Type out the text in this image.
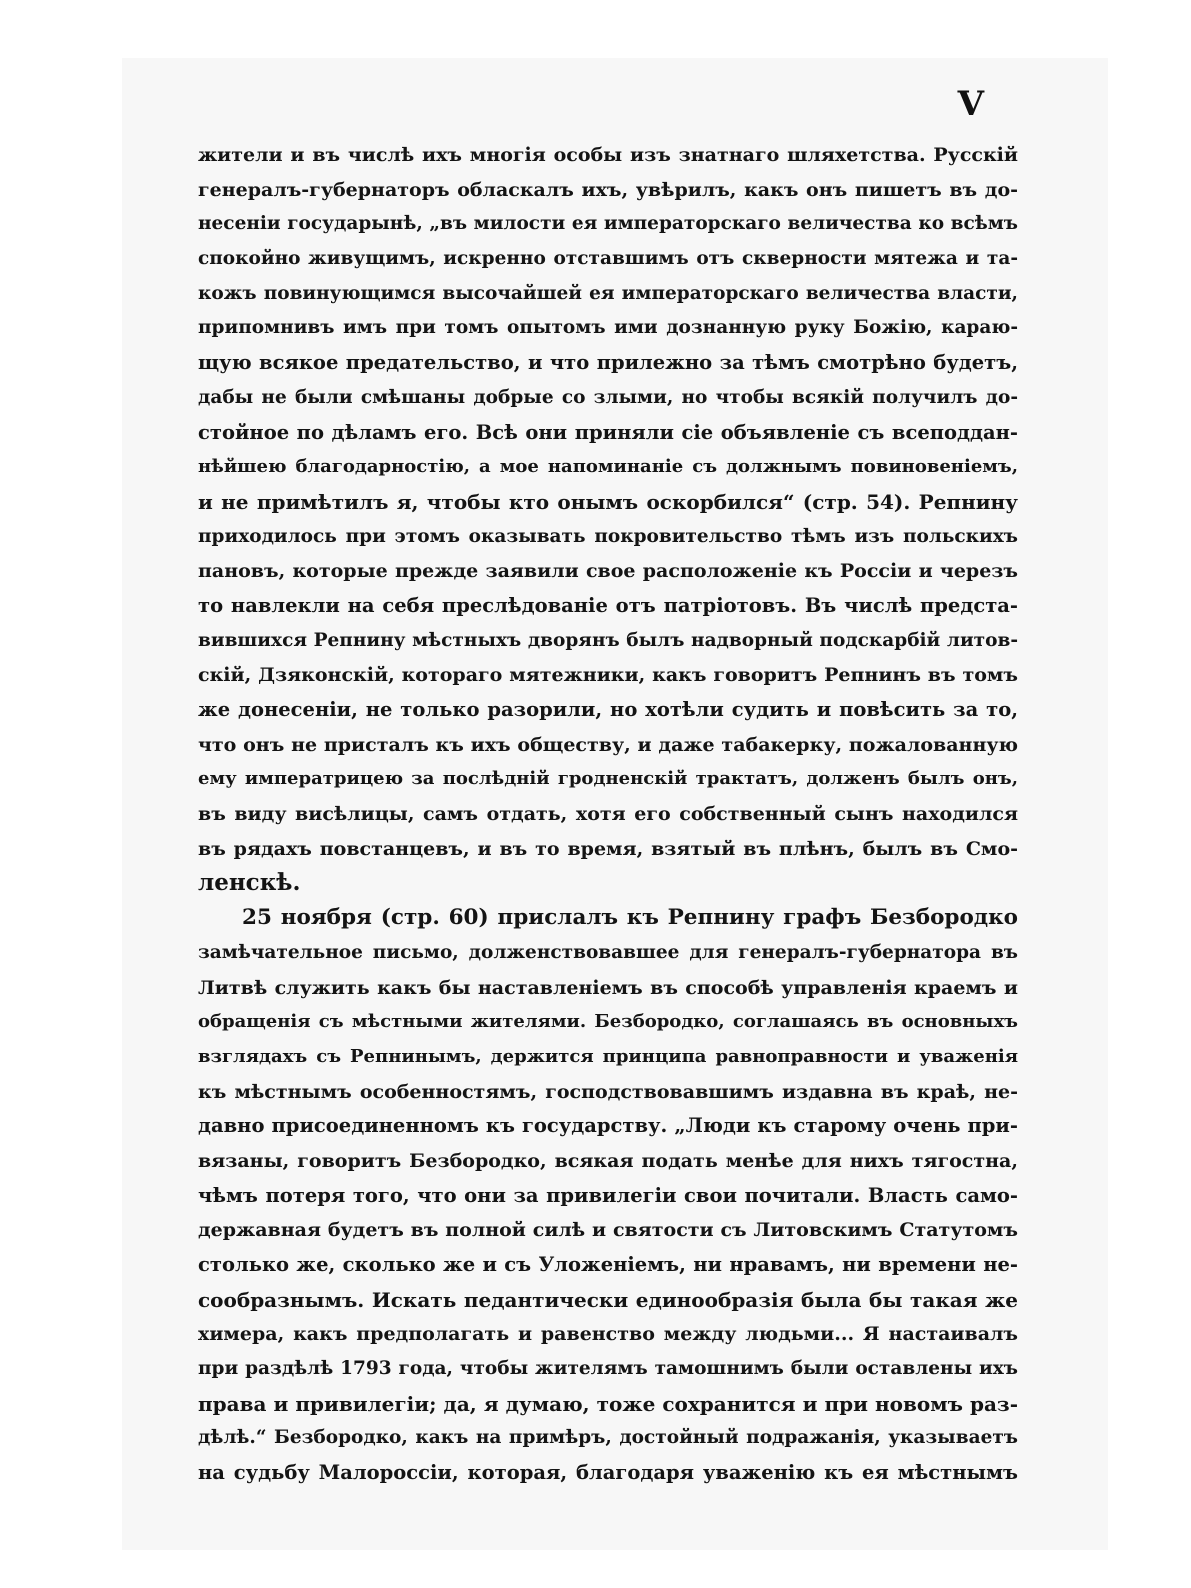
V

жители и въ числѣ ихъ многія особы изъ знатнаго шляхетства. Русскій
генералъ-губернаторъ обласкалъ ихъ, увѣрилъ, какъ онъ пишетъ въ до-
несеніи государынѣ, „въ милости ея императорскаго величества ко всѣмъ
спокойно живущимъ, искренно отставшимъ отъ скверности мятежа и та-
кожъ повинующимся высочайшей ея императорскаго величества власти,
припомнивъ имъ при томъ опытомъ ими дознанную руку Божію, караю-
щую всякое предательство, и что прилежно за тѣмъ смотрѣно будетъ,
дабы не были смѣшаны добрые со злыми, но чтобы всякій получилъ до-
стойное по дѣламъ его. Всѣ они приняли сіе объявленіе съ всеподдан-
нѣйшею благодарностію, а мое напоминаніе съ должнымъ повиновеніемъ,
и не примѣтилъ я, чтобы кто онымъ оскорбился“ (стр. 54). Репнину
приходилось при этомъ оказывать покровительство тѣмъ изъ польскихъ
пановъ, которые прежде заявили свое расположеніе къ Россіи и черезъ
то навлекли на себя преслѣдованіе отъ патріотовъ. Въ числѣ предста-
вившихся Репнину мѣстныхъ дворянъ былъ надворный подскарбій литов-
скій, Дзяконскій, котораго мятежники, какъ говоритъ Репнинъ въ томъ
же донесеніи, не только разорили, но хотѣли судить и повѣсить за то,
что онъ не присталъ къ ихъ обществу, и даже табакерку, пожалованную
ему императрицею за послѣдній гродненскій трактатъ, долженъ былъ онъ,
въ виду висѣлицы, самъ отдать, хотя его собственный сынъ находился
въ рядахъ повстанцевъ, и въ то время, взятый въ плѣнъ, былъ въ Смо-
ленскѣ.
25 ноября (стр. 60) прислалъ къ Репнину графъ Безбородко
замѣчательное письмо, долженствовавшее для генералъ-губернатора въ
Литвѣ служить какъ бы наставленіемъ въ способѣ управленія краемъ и
обращенія съ мѣстными жителями. Безбородко, соглашаясь въ основныхъ
взглядахъ съ Репнинымъ, держится принципа равноправности и уваженія
къ мѣстнымъ особенностямъ, господствовавшимъ издавна въ краѣ, не-
давно присоединенномъ къ государству. „Люди къ старому очень при-
вязаны, говоритъ Безбородко, всякая подать менѣе для нихъ тягостна,
чѣмъ потеря того, что они за привилегіи свои почитали. Власть само-
державная будетъ въ полной силѣ и святости съ Литовскимъ Статутомъ
столько же, сколько же и съ Уложеніемъ, ни нравамъ, ни времени не-
сообразнымъ. Искать педантически единообразія была бы такая же
химера, какъ предполагать и равенство между людьми... Я настаивалъ
при раздѣлѣ 1793 года, чтобы жителямъ тамошнимъ были оставлены ихъ
права и привилегіи; да, я думаю, тоже сохранится и при новомъ раз-
дѣлѣ.“ Безбородко, какъ на примѣръ, достойный подражанія, указываетъ
на судьбу Малороссіи, которая, благодаря уваженію къ ея мѣстнымъ
